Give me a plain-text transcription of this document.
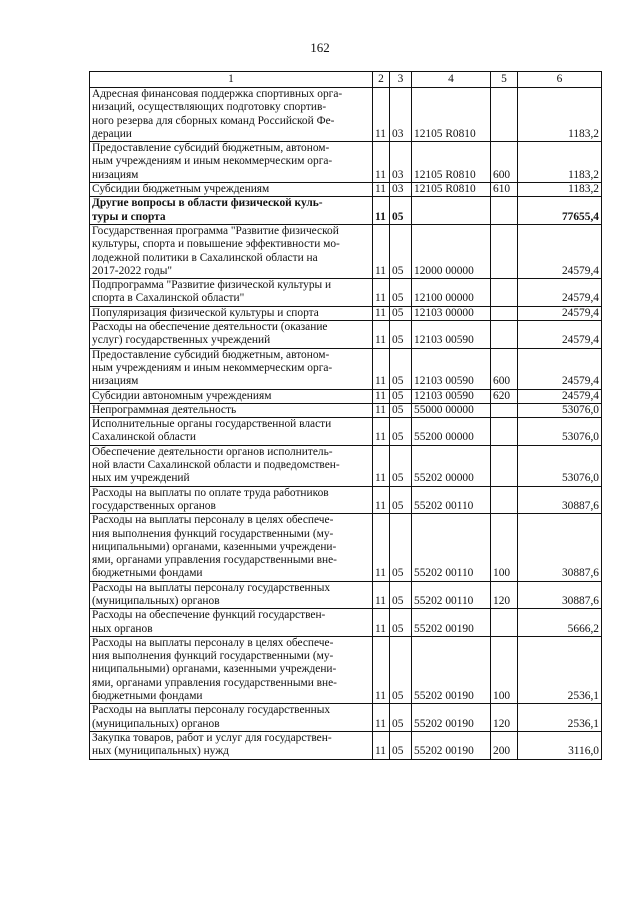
162
1	2	3	4	5	6

Адресная финансовая поддержка спортивных орга-
низаций, осуществляющих подготовку спортив-
ного резерва для сборных команд Российской Фе-
дерации	11	03	12105 R0810		1183,2

Предоставление субсидий бюджетным, автоном-
ным учреждениям и иным некоммерческим орга-
низациям	11	03	12105 R0810	600	1183,2
Субсидии бюджетным учреждениям	11	03	12105 R0810	610	1183,2

Другие вопросы в области физической куль-
туры и спорта	11	05			77655,4

Государственная программа "Развитие физической
культуры, спорта и повышение эффективности мо-
лодежной политики в Сахалинской области на
2017-2022 годы"	11	05	12000 00000		24579,4

Подпрограмма "Развитие физической культуры и
спорта в Сахалинской области"	11	05	12100 00000		24579,4
Популяризация физической культуры и спорта	11	05	12103 00000		24579,4

Расходы на обеспечение деятельности (оказание
услуг) государственных учреждений	11	05	12103 00590		24579,4

Предоставление субсидий бюджетным, автоном-
ным учреждениям и иным некоммерческим орга-
низациям	11	05	12103 00590	600	24579,4
Субсидии автономным учреждениям	11	05	12103 00590	620	24579,4
Непрограммная деятельность	11	05	55000 00000		53076,0

Исполнительные органы государственной власти
Сахалинской области	11	05	55200 00000		53076,0

Обеспечение деятельности органов исполнитель-
ной власти Сахалинской области и подведомствен-
ных им учреждений	11	05	55202 00000		53076,0

Расходы на выплаты по оплате труда работников
государственных органов	11	05	55202 00110		30887,6

Расходы на выплаты персоналу в целях обеспече-
ния выполнения функций государственными (му-
ниципальными) органами, казенными учреждени-
ями, органами управления государственными вне-
бюджетными фондами	11	05	55202 00110	100	30887,6

Расходы на выплаты персоналу государственных
(муниципальных) органов	11	05	55202 00110	120	30887,6

Расходы на обеспечение функций государствен-
ных органов	11	05	55202 00190		5666,2

Расходы на выплаты персоналу в целях обеспече-
ния выполнения функций государственными (му-
ниципальными) органами, казенными учреждени-
ями, органами управления государственными вне-
бюджетными фондами	11	05	55202 00190	100	2536,1

Расходы на выплаты персоналу государственных
(муниципальных) органов	11	05	55202 00190	120	2536,1

Закупка товаров, работ и услуг для государствен-
ных (муниципальных) нужд	11	05	55202 00190	200	3116,0
